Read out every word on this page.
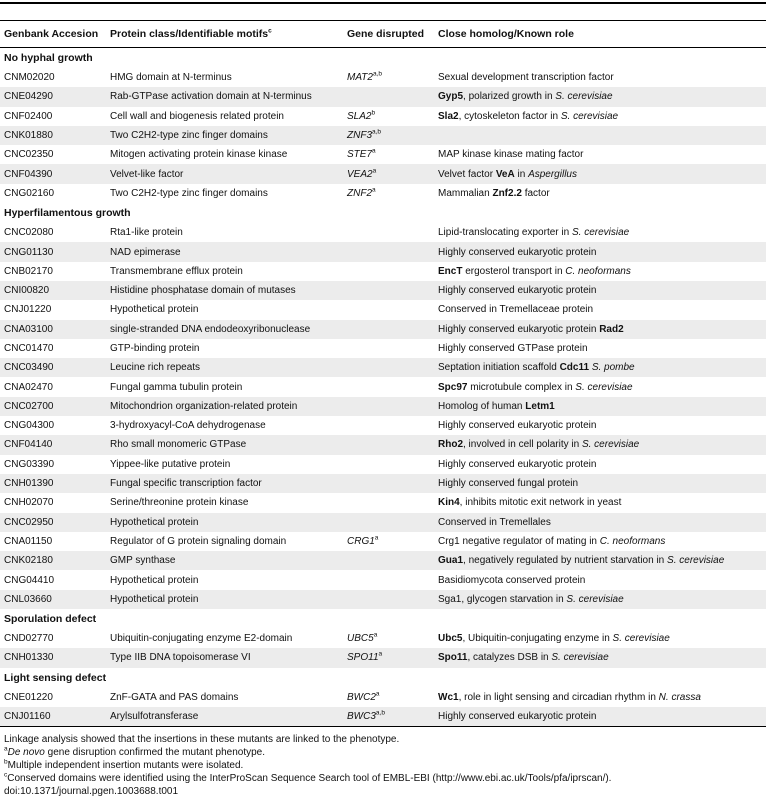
Genbank Accesion	Protein class/Identifiable motifs$^c$	Gene disrupted	Close homolog/Known role
No hyphal growth			
CNM02020	HMG domain at N-terminus	MAT2$^{a,b}$	Sexual development transcription factor
CNE04290	Rab-GTPase activation domain at N-terminus		Gyp5, polarized growth in S. cerevisiae
CNF02400	Cell wall and biogenesis related protein	SLA2$^b$	Sla2, cytoskeleton factor in S. cerevisiae
CNK01880	Two C2H2-type zinc finger domains	ZNF3$^{a,b}$	
CNC02350	Mitogen activating protein kinase kinase	STE7$^a$	MAP kinase kinase mating factor
CNF04390	Velvet-like factor	VEA2$^a$	Velvet factor VeA in Aspergillus
CNG02160	Two C2H2-type zinc finger domains	ZNF2$^a$	Mammalian Znf2.2 factor
Hyperfilamentous growth			
CNC02080	Rta1-like protein		Lipid-translocating exporter in S. cerevisiae
CNG01130	NAD epimerase		Highly conserved eukaryotic protein
CNB02170	Transmembrane efflux protein		EncT ergosterol transport in C. neoformans
CNI00820	Histidine phosphatase domain of mutases		Highly conserved eukaryotic protein
CNJ01220	Hypothetical protein		Conserved in Tremellaceae protein
CNA03100	single-stranded DNA endodeoxyribonuclease		Highly conserved eukaryotic protein Rad2
CNC01470	GTP-binding protein		Highly conserved GTPase protein
CNC03490	Leucine rich repeats		Septation initiation scaffold Cdc11 S. pombe
CNA02470	Fungal gamma tubulin protein		Spc97 microtubule complex in S. cerevisiae
CNC02700	Mitochondrion organization-related protein		Homolog of human Letm1
CNG04300	3-hydroxyacyl-CoA dehydrogenase		Highly conserved eukaryotic protein
CNF04140	Rho small monomeric GTPase		Rho2, involved in cell polarity in S. cerevisiae
CNG03390	Yippee-like putative protein		Highly conserved eukaryotic protein
CNH01390	Fungal specific transcription factor		Highly conserved fungal protein
CNH02070	Serine/threonine protein kinase		Kin4, inhibits mitotic exit network in yeast
CNC02950	Hypothetical protein		Conserved in Tremellales
CNA01150	Regulator of G protein signaling domain	CRG1$^a$	Crg1 negative regulator of mating in C. neoformans
CNK02180	GMP synthase		Gua1, negatively regulated by nutrient starvation in S. cerevisiae
CNG04410	Hypothetical protein		Basidiomycota conserved protein
CNL03660	Hypothetical protein		Sga1, glycogen starvation in S. cerevisiae
Sporulation defect			
CND02770	Ubiquitin-conjugating enzyme E2-domain	UBC5$^a$	Ubc5, Ubiquitin-conjugating enzyme in S. cerevisiae
CNH01330	Type IIB DNA topoisomerase VI	SPO11$^a$	Spo11, catalyzes DSB in S. cerevisiae
Light sensing defect			
CNE01220	ZnF-GATA and PAS domains	BWC2$^a$	Wc1, role in light sensing and circadian rhythm in N. crassa
CNJ01160	Arylsulfotransferase	BWC3$^{a,b}$	Highly conserved eukaryotic protein
Linkage analysis showed that the insertions in these mutants are linked to the phenotype.
$^a$De novo gene disruption confirmed the mutant phenotype.
$^b$Multiple independent insertion mutants were isolated.
$^c$Conserved domains were identified using the InterProScan Sequence Search tool of EMBL-EBI (http://www.ebi.ac.uk/Tools/pfa/iprscan/).
doi:10.1371/journal.pgen.1003688.t001
